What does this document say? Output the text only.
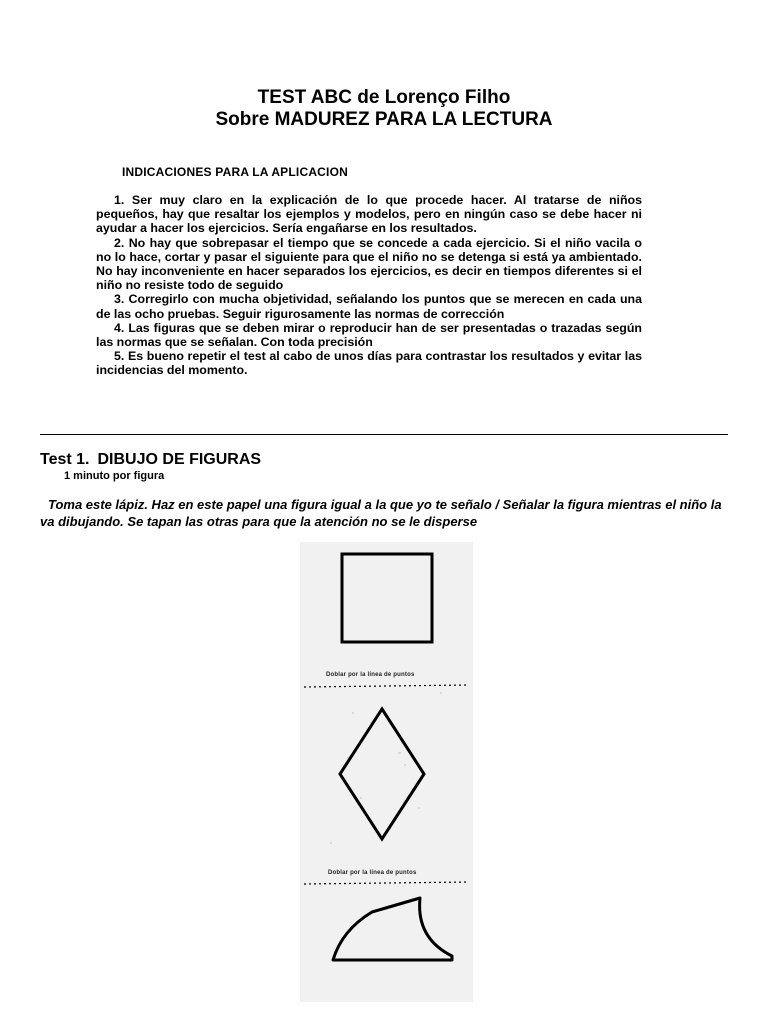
TEST ABC de Lorenço Filho
Sobre MADUREZ PARA LA LECTURA
INDICACIONES PARA LA APLICACION

1. Ser muy claro en la explicación de lo que procede hacer. Al tratarse de niños pequeños, hay que resaltar los ejemplos y modelos, pero en ningún caso se debe hacer ni ayudar a hacer los ejercicios. Sería engañarse en los resultados.

2. No hay que sobrepasar el tiempo que se concede a cada ejercicio. Si el niño vacila o no lo hace, cortar y pasar el siguiente para que el niño no se detenga si está ya ambientado. No hay inconveniente en hacer separados los ejercicios, es decir en tiempos diferentes si el niño no resiste todo de seguido

3. Corregirlo con mucha objetividad, señalando los puntos que se merecen en cada una de las ocho pruebas. Seguir rigurosamente las normas de corrección

4. Las figuras que se deben mirar o reproducir han de ser presentadas o trazadas según las normas que se señalan. Con toda precisión

5. Es bueno repetir el test al cabo de unos días para contrastar los resultados y evitar las incidencias del momento.

Test 1. DIBUJO DE FIGURAS
1 minuto por figura
Toma este lápiz. Haz en este papel una figura igual a la que yo te señalo / Señalar la figura mientras el niño la va dibujando. Se tapan las otras para que la atención no se le disperse
Doblar por la línea de puntos
Doblar por la línea de puntos
